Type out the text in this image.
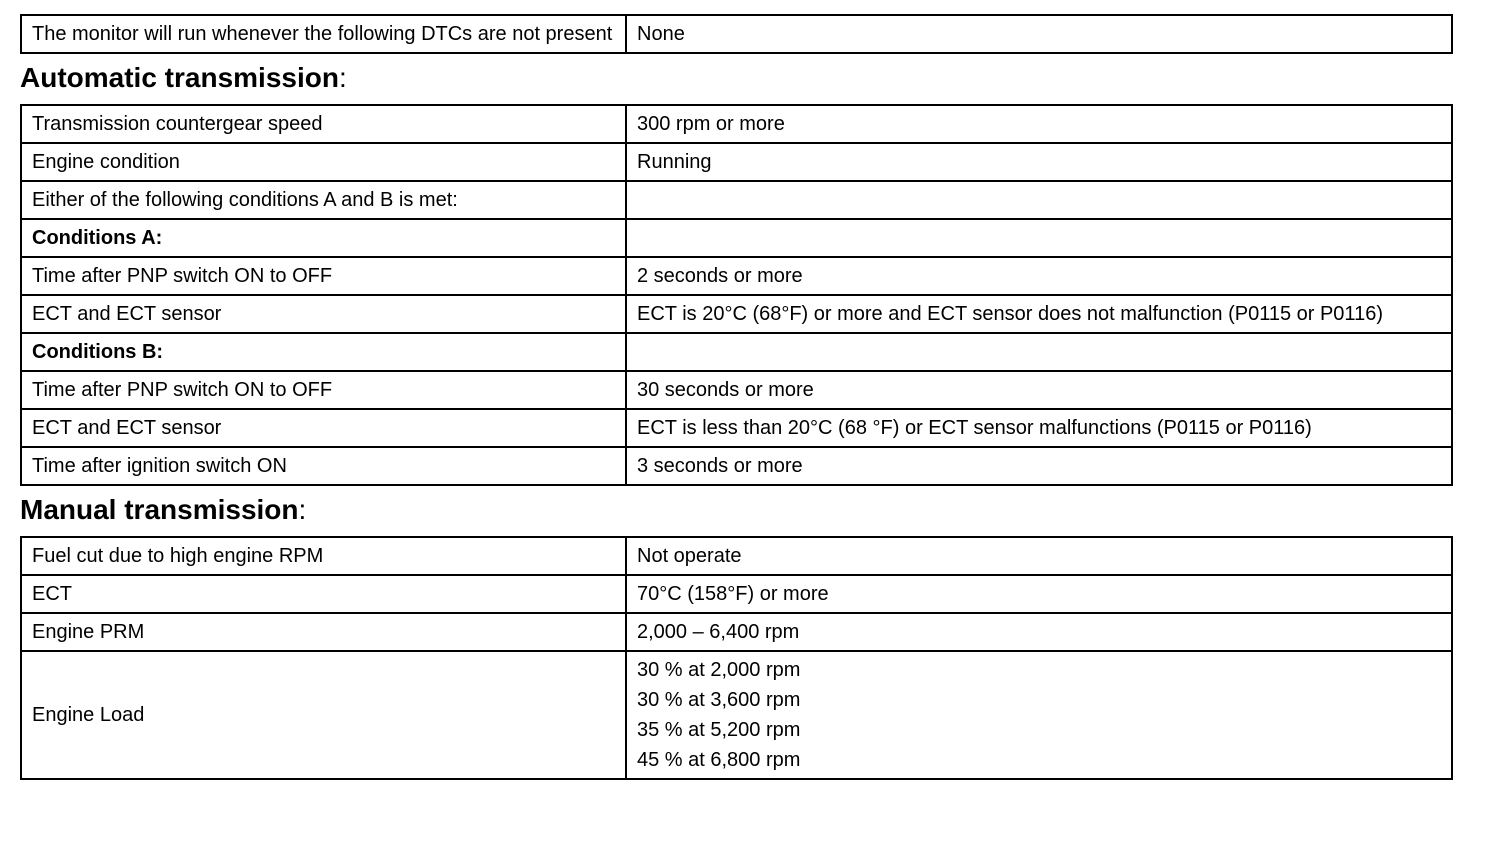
The monitor will run whenever the following DTCs are not present	None
Automatic transmission:
Transmission countergear speed	300 rpm or more
Engine condition	Running
Either of the following conditions A and B is met:	
Conditions A:	
Time after PNP switch ON to OFF	2 seconds or more
ECT and ECT sensor	ECT is 20°C (68°F) or more and ECT sensor does not malfunction (P0115 or P0116)
Conditions B:	
Time after PNP switch ON to OFF	30 seconds or more
ECT and ECT sensor	ECT is less than 20°C (68 °F) or ECT sensor malfunctions (P0115 or P0116)
Time after ignition switch ON	3 seconds or more
Manual transmission:
Fuel cut due to high engine RPM	Not operate
ECT	70°C (158°F) or more
Engine PRM	2,000 – 6,400 rpm
Engine Load	30 % at 2,000 rpm
30 % at 3,600 rpm
35 % at 5,200 rpm
45 % at 6,800 rpm
